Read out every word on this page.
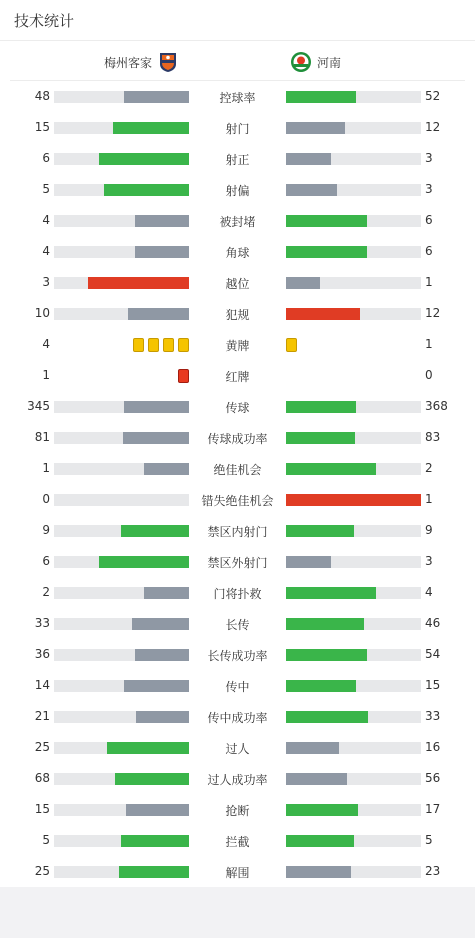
技术统计
梅州客家	河南
48	控球率	52
15	射门	12
6	射正	3
5	射偏	3
4	被封堵	6
4	角球	6
3	越位	1
10	犯规	12
4	黄牌	1
1	红牌	0
345	传球	368
81	传球成功率	83
1	绝佳机会	2
0	错失绝佳机会	1
9	禁区内射门	9
6	禁区外射门	3
2	门将扑救	4
33	长传	46
36	长传成功率	54
14	传中	15
21	传中成功率	33
25	过人	16
68	过人成功率	56
15	抢断	17
5	拦截	5
25	解围	23
